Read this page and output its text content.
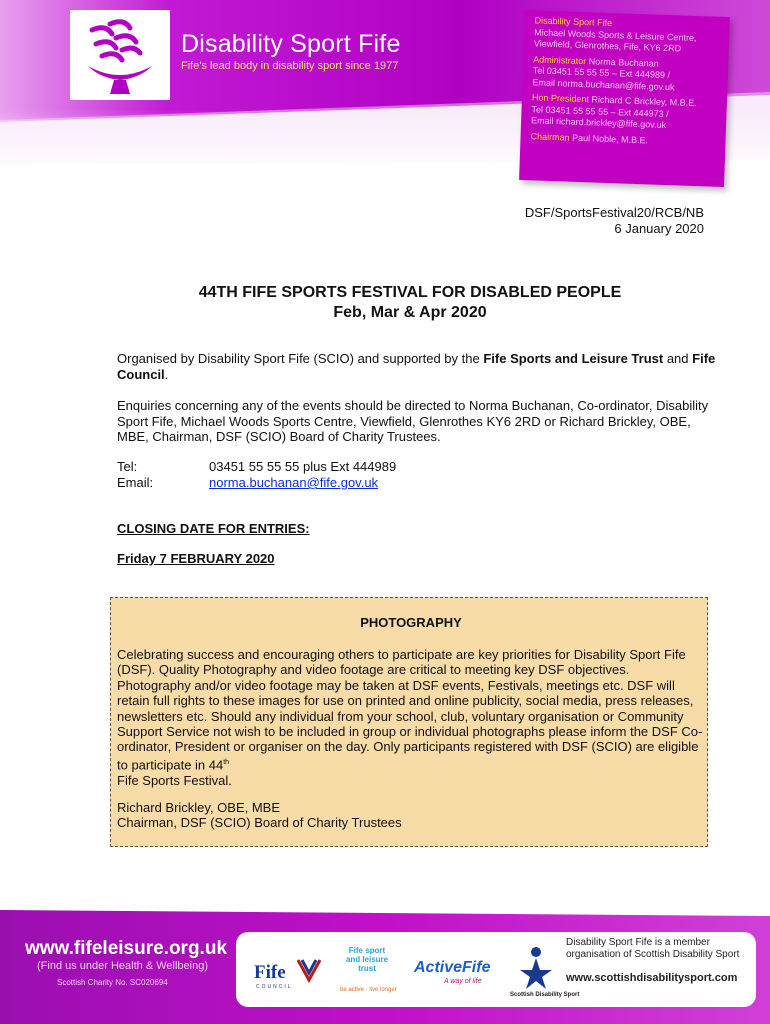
Disability Sport Fife
Fife's lead body in disability sport since 1977
Disability Sport Fife
Michael Woods Sports & Leisure Centre,
Viewfield, Glenrothes, Fife, KY6 2RD
Administrator Norma Buchanan
Tel 03451 55 55 55 – Ext 444989 /
Email norma.buchanan@fife.gov.uk
Hon President Richard C Brickley, M.B.E.
Tel 03451 55 55 55 – Ext 444973 /
Email richard.brickley@fife.gov.uk
Chairman Paul Noble, M.B.E.
DSF/SportsFestival20/RCB/NB
6 January 2020
44TH FIFE SPORTS FESTIVAL FOR DISABLED PEOPLE
Feb, Mar & Apr 2020
Organised by Disability Sport Fife (SCIO) and supported by the Fife Sports and Leisure Trust and Fife Council.
Enquiries concerning any of the events should be directed to Norma Buchanan, Co-ordinator, Disability Sport Fife, Michael Woods Sports Centre, Viewfield, Glenrothes KY6 2RD or Richard Brickley, OBE, MBE, Chairman, DSF (SCIO) Board of Charity Trustees.
Tel:	03451 55 55 55 plus Ext 444989
Email:	norma.buchanan@fife.gov.uk
CLOSING DATE FOR ENTRIES:
Friday 7 FEBRUARY 2020
PHOTOGRAPHY
Celebrating success and encouraging others to participate are key priorities for Disability Sport Fife (DSF). Quality Photography and video footage are critical to meeting key DSF objectives. Photography and/or video footage may be taken at DSF events, Festivals, meetings etc. DSF will retain full rights to these images for use on printed and online publicity, social media, press releases, newsletters etc. Should any individual from your school, club, voluntary organisation or Community Support Service not wish to be included in group or individual photographs please inform the DSF Co-ordinator, President or organiser on the day. Only participants registered with DSF (SCIO) are eligible to participate in 44th
Fife Sports Festival.
Richard Brickley, OBE, MBE
Chairman, DSF (SCIO) Board of Charity Trustees
www.fifeleisure.org.uk
(Find us under Health & Wellbeing)
Scottish Charity No. SC020694	Fife
COUNCIL
Fife sport
and leisure
trust
be active · live longer
ActiveFife
A way of life
Scottish Disability Sport
Disability Sport Fife is a member organisation of Scottish Disability Sport
www.scottishdisabilitysport.com
